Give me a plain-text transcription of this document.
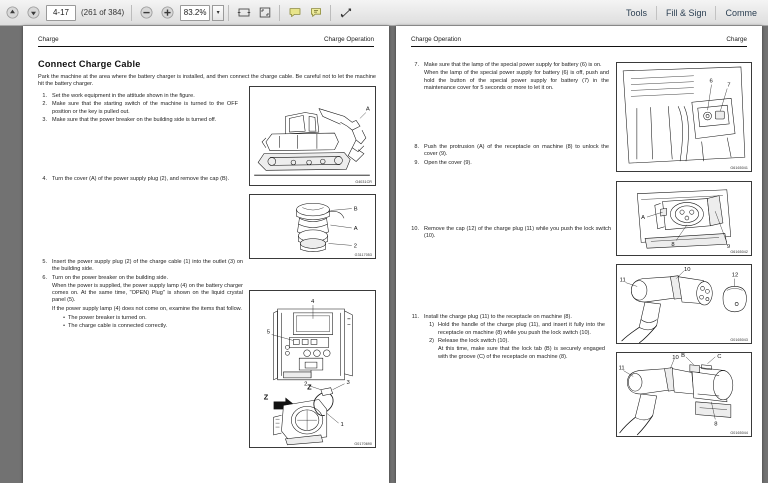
4-17	(261 of 384)	83.2%	▾	Tools	Fill & Sign	Comme
Charge	Charge Operation
Connect Charge Cable
Park the machine at the area where the battery charger is installed, and then connect the charge cable. Be careful not to let the machine hit the battery charger.
1. Set the work equipment in the attitude shown in the figure.
2. Make sure that the starting switch of the machine is turned to the OFF position or the key is pulled out.
3. Make sure that the power breaker on the building side is turned off.
4. Turn the cover (A) of the power supply plug (2), and remove the cap (B).
5. Insert the power supply plug (2) of the charge cable (1) into the outlet (3) on the building side.
6. Turn on the power breaker on the building side.
When the power is supplied, the power supply lamp (4) on the battery charger comes on. At the same time, "OPEN) Plug" is shown on the liquid crystal panel (5).
If the power supply lamp (4) does not come on, examine the items that follow.
• The power breaker is turned on.
• The charge cable is connected correctly.
A
G4031CR
B
A
2
G3117053
Z
Z
4
5
2	3
1
G0170690
Charge Operation	Charge
7. Make sure that the lamp of the special power supply for battery (6) is on.
When the lamp of the special power supply for battery (6) is off, push and hold the button of the special power supply for battery (7) in the maintenance cover for 5 seconds or more to let it on.
8. Push the protrusion (A) of the receptacle on machine (8) to unlock the cover (9).
9. Open the cover (9).
10. Remove the cap (12) of the charge plug (11) while you push the lock switch (10).
11. Install the charge plug (11) to the receptacle on machine (8).
1) Hold the handle of the charge plug (11), and insert it fully into the receptacle on machine (8) while you push the lock switch (10).
2) Release the lock switch (10).
At this time, make sure that the lock tab (B) is securely engaged with the groove (C) of the receptacle on machine (8).
6
7
G6165041
8	9
A
G6165042
11
10
12
G0165043
11
10
8
B	C
G0165044
